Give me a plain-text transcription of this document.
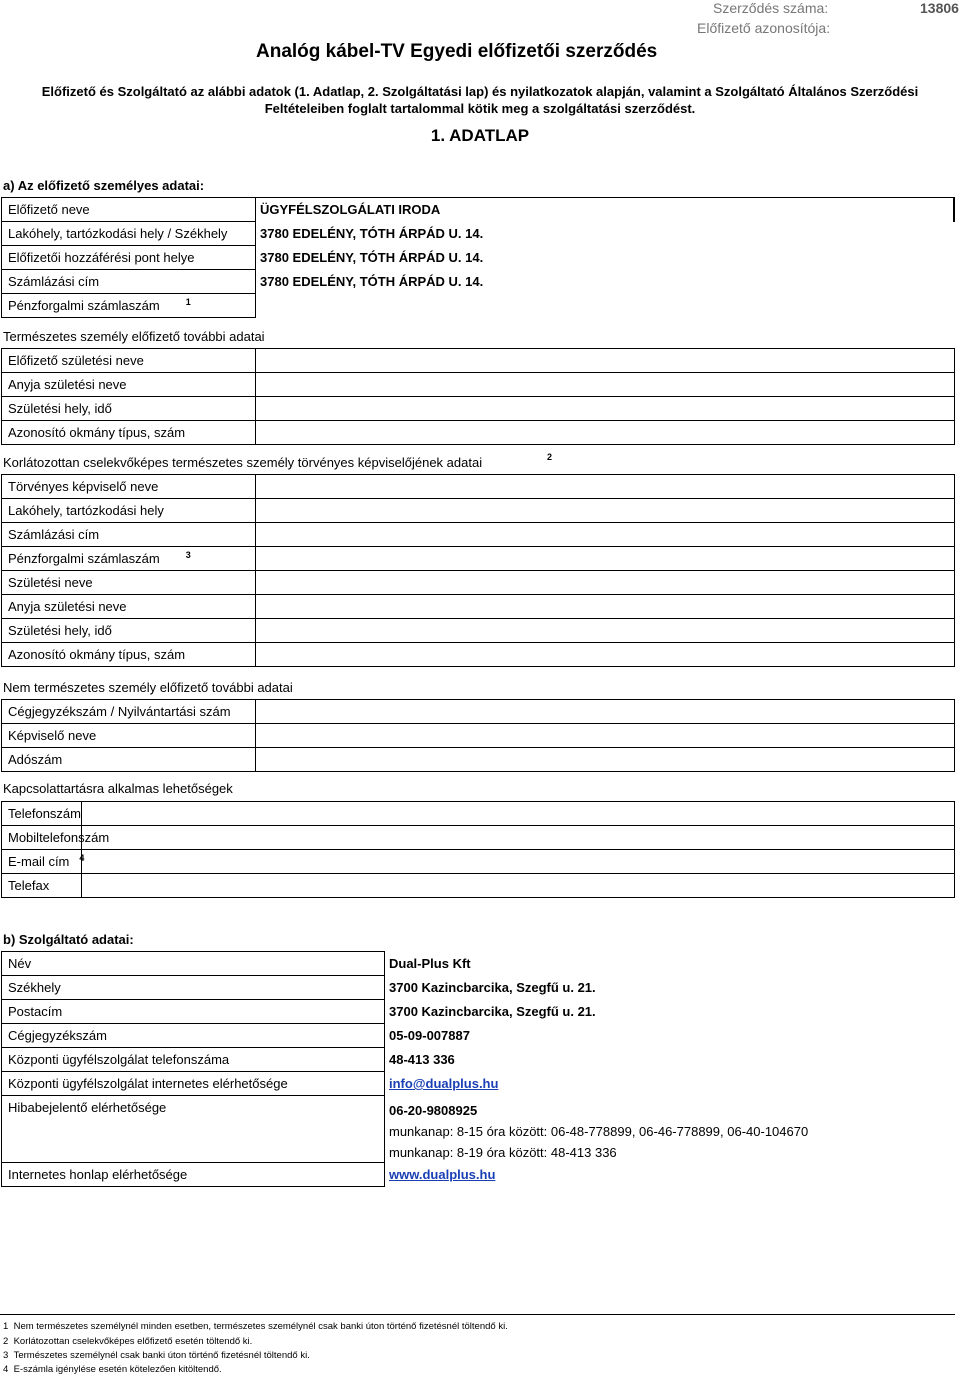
Szerződés száma:	13806
Előfizető azonosítója:
Analóg kábel-TV Egyedi előfizetői szerződés
Előfizető és Szolgáltató az alábbi adatok (1. Adatlap, 2. Szolgáltatási lap) és nyilatkozatok alapján, valamint a Szolgáltató Általános Szerződési
Feltételeiben foglalt tartalommal kötik meg a szolgáltatási szerződést.
1. ADATLAP
a) Az előfizető személyes adatai:
Előfizető neve	ÜGYFÉLSZOLGÁLATI IRODA
Lakóhely, tartózkodási hely / Székhely	3780 EDELÉNY, TÓTH ÁRPÁD U. 14.
Előfizetői hozzáférési pont helye	3780 EDELÉNY, TÓTH ÁRPÁD U. 14.
Számlázási cím	3780 EDELÉNY, TÓTH ÁRPÁD U. 14.
Pénzforgalmi számlaszám $^1$	
Természetes személy előfizető további adatai
Előfizető születési neve	
Anyja születési neve	
Születési hely, idő	
Azonosító okmány típus, szám	
Korlátozottan cselekvőképes természetes személy törvényes képviselőjének adatai	2
Törvényes képviselő neve	
Lakóhely, tartózkodási hely	
Számlázási cím	
Pénzforgalmi számlaszám $^3$	
Születési neve	
Anyja születési neve	
Születési hely, idő	
Azonosító okmány típus, szám	
Nem természetes személy előfizető további adatai
Cégjegyzékszám / Nyilvántartási szám	
Képviselő neve	
Adószám	
Kapcsolattartásra alkalmas lehetőségek
Telefonszám	
Mobiltelefonszám	
E-mail cím $^4$	
Telefax	
b) Szolgáltató adatai:
Név	Dual-Plus Kft
Székhely	3700 Kazincbarcika, Szegfű u. 21.
Postacím	3700 Kazincbarcika, Szegfű u. 21.
Cégjegyzékszám	05-09-007887
Központi ügyfélszolgálat telefonszáma	48-413 336
Központi ügyfélszolgálat internetes elérhetősége	info@dualplus.hu
Hibabejelentő elérhetősége	06-20-9808925
munkanap: 8-15 óra között: 06-48-778899, 06-46-778899, 06-40-104670
munkanap: 8-19 óra között: 48-413 336

Internetes honlap elérhetősége	www.dualplus.hu
1 Nem természetes személynél minden esetben, természetes személynél csak banki úton történő fizetésnél töltendő ki.
2 Korlátozottan cselekvőképes előfizető esetén töltendő ki.
3 Természetes személynél csak banki úton történő fizetésnél töltendő ki.
4 E-számla igénylése esetén kötelezően kitöltendő.
